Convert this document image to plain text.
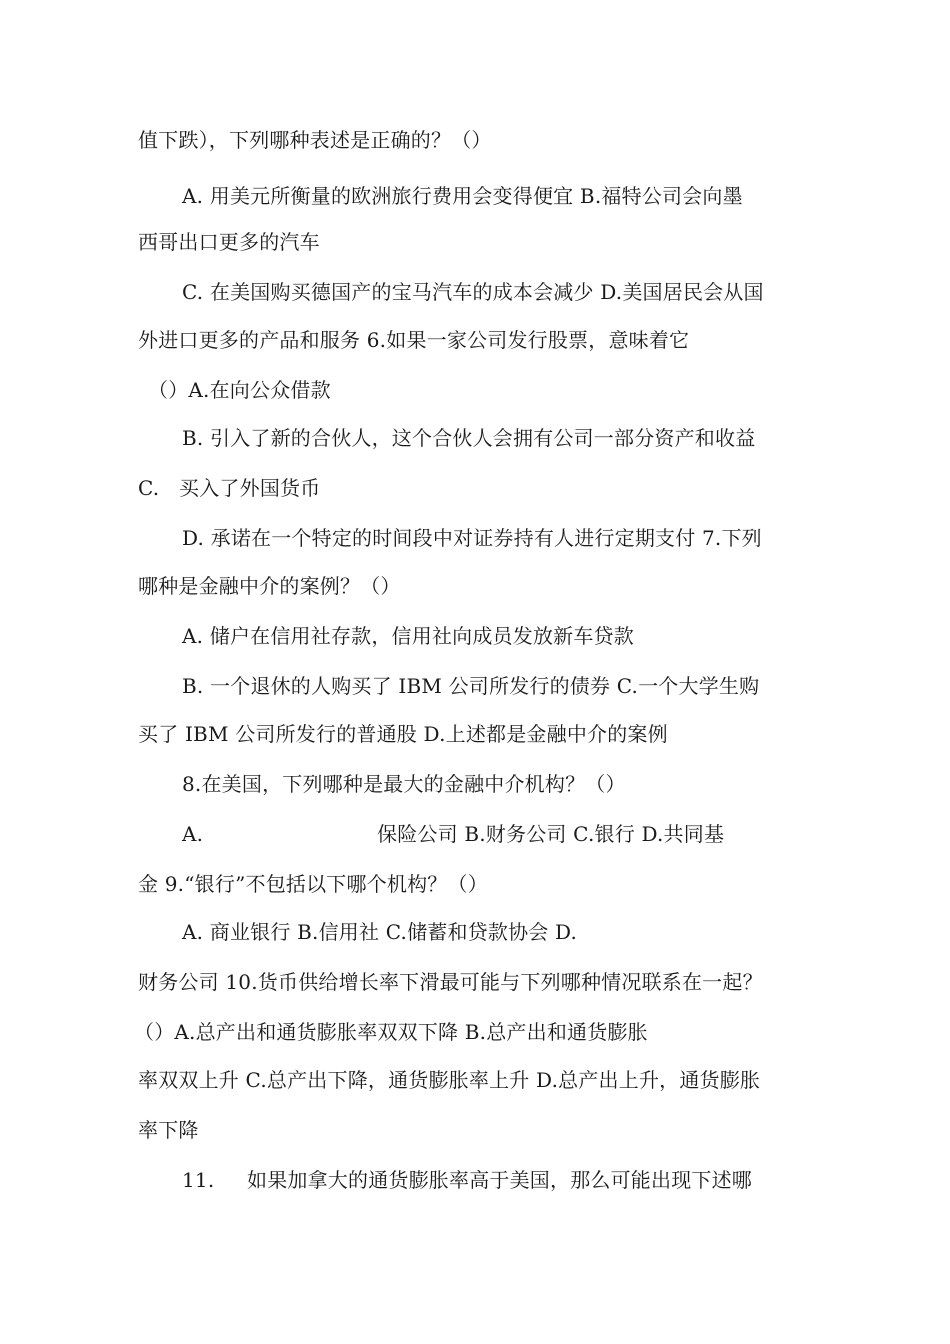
值下跌），下列哪种表述是正确的？（）
A. 用美元所衡量的欧洲旅行费用会变得便宜 B.福特公司会向墨
西哥出口更多的汽车
C. 在美国购买德国产的宝马汽车的成本会减少 D.美国居民会从国
外进口更多的产品和服务 6.如果一家公司发行股票，意味着它
（）A.在向公众借款
B. 引入了新的合伙人，这个合伙人会拥有公司一部分资产和收益
C.   买入了外国货币
D. 承诺在一个特定的时间段中对证券持有人进行定期支付 7.下列
哪种是金融中介的案例？（）
A. 储户在信用社存款，信用社向成员发放新车贷款
B. 一个退休的人购买了 IBM 公司所发行的债券 C.一个大学生购
买了 IBM 公司所发行的普通股 D.上述都是金融中介的案例
8.在美国，下列哪种是最大的金融中介机构？（）
A.	保险公司 B.财务公司 C.银行 D.共同基
金 9.“银行”不包括以下哪个机构？（）
A. 商业银行 B.信用社 C.储蓄和贷款协会 D.
财务公司 10.货币供给增长率下滑最可能与下列哪种情况联系在一起？
（）A.总产出和通货膨胀率双双下降 B.总产出和通货膨胀
率双双上升 C.总产出下降，通货膨胀率上升 D.总产出上升，通货膨胀
率下降
11. 如果加拿大的通货膨胀率高于美国，那么可能出现下述哪
